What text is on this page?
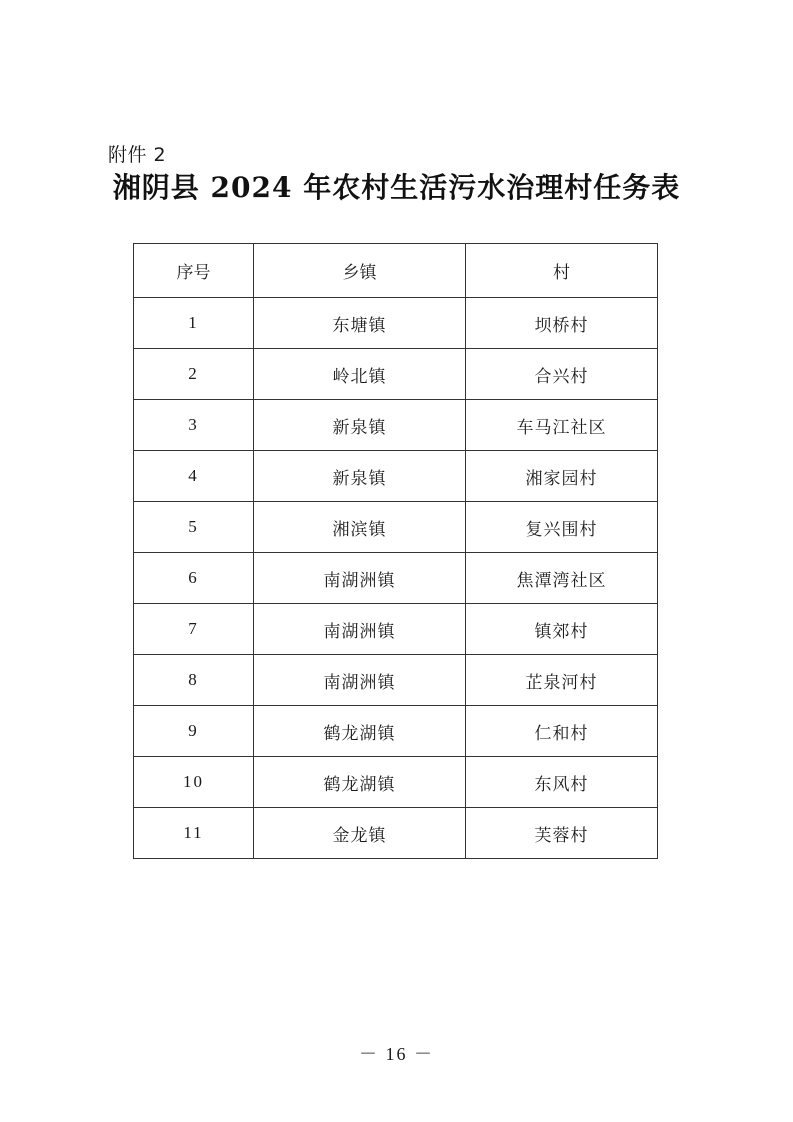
附件 2
湘阴县 2024 年农村生活污水治理村任务表
序号	乡镇	村
1	东塘镇	坝桥村
2	岭北镇	合兴村
3	新泉镇	车马江社区
4	新泉镇	湘家园村
5	湘滨镇	复兴围村
6	南湖洲镇	焦潭湾社区
7	南湖洲镇	镇郊村
8	南湖洲镇	芷泉河村
9	鹤龙湖镇	仁和村
10	鹤龙湖镇	东风村
11	金龙镇	芙蓉村
－ 16 －
